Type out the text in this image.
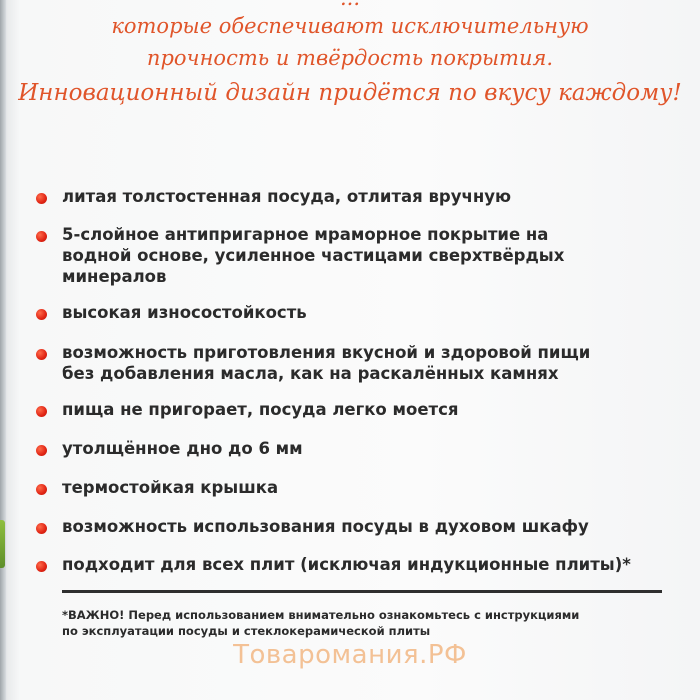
которые обеспечивают исключительную
прочность и твёрдость покрытия.
Инновационный дизайн придётся по вкусу каждому!
литая толстостенная посуда, отлитая вручную
5-слойное антипригарное мраморное покрытие на
водной основе, усиленное частицами сверхтвёрдых
минералов
высокая износостойкость
возможность приготовления вкусной и здоровой пищи
без добавления масла, как на раскалённых камнях
пища не пригорает, посуда легко моется
утолщённое дно до 6 мм
термостойкая крышка
возможность использования посуды в духовом шкафу
подходит для всех плит (исключая индукционные плиты)*
*ВАЖНО! Перед использованием внимательно ознакомьтесь с инструкциями
по эксплуатации посуды и стеклокерамической плиты
Товаромания.РФ
